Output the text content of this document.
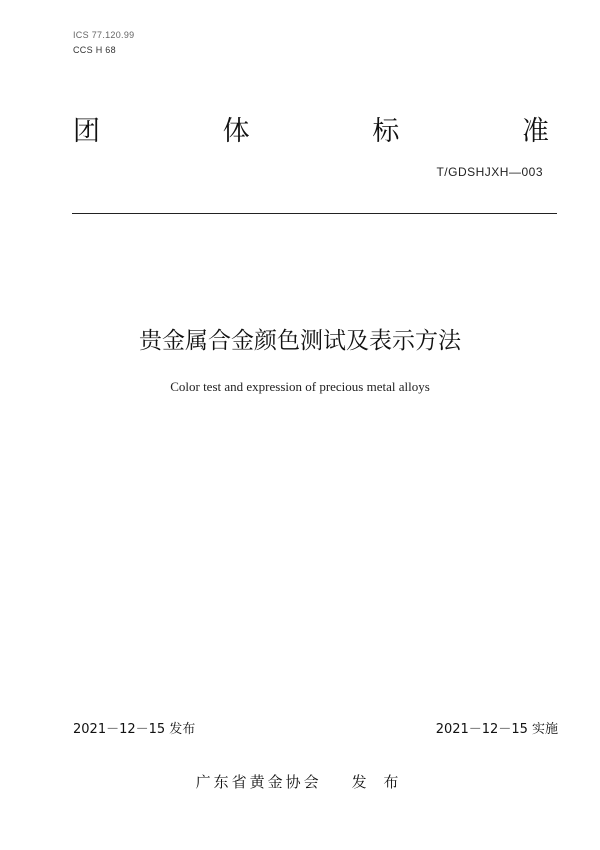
ICS 77.120.99
CCS H 68
团	体	标	准
T/GDSHJXH—003
贵金属合金颜色测试及表示方法
Color test and expression of precious metal alloys
2021－12－15 发布	2021－12－15 实施
广东省黄金协会 发 布
